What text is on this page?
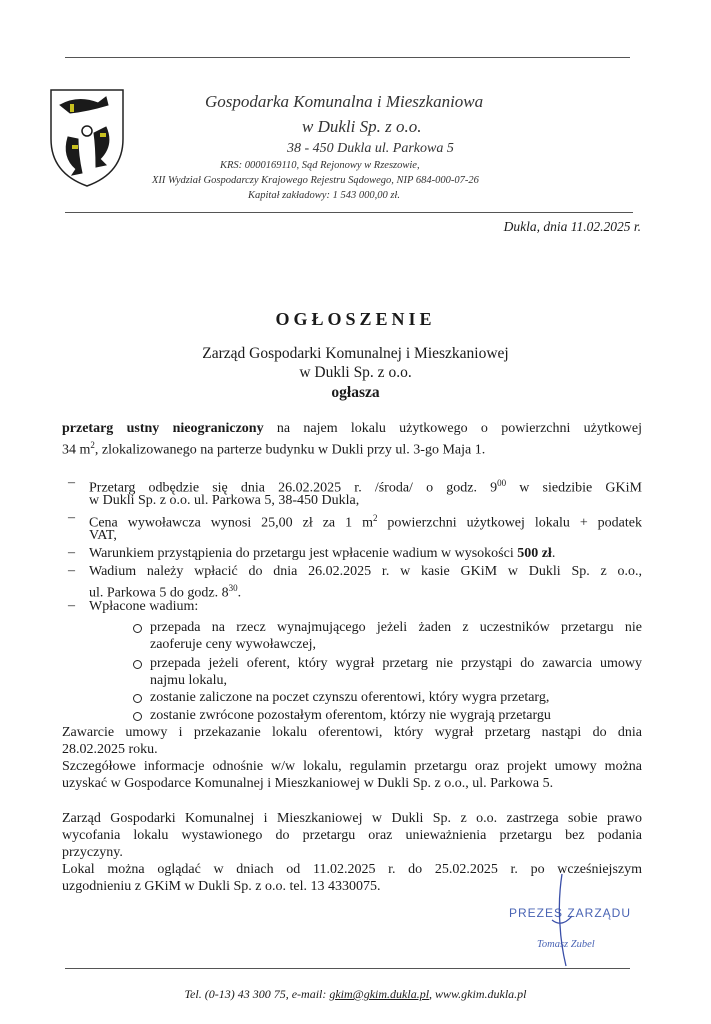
Gospodarka Komunalna i Mieszkaniowa
w Dukli Sp. z o.o.
38 - 450 Dukla ul. Parkowa 5
KRS: 0000169110, Sąd Rejonowy w Rzeszowie,
XII Wydział Gospodarczy Krajowego Rejestru Sądowego, NIP 684-000-07-26
Kapitał zakładowy: 1 543 000,00 zł.
Dukla, dnia 11.02.2025 r.
OGŁOSZENIE
Zarząd Gospodarki Komunalnej i Mieszkaniowej
w Dukli Sp. z o.o.
ogłasza
przetarg ustny nieograniczony na najem lokalu użytkowego o powierzchni użytkowej
34 $m^2$, zlokalizowanego na parterze budynku w Dukli przy ul. 3-go Maja 1.
– Przetarg odbędzie się dnia 26.02.2025 r. /środa/ o godz. $9^{00}$ w siedzibie GKiM
w Dukli Sp. z o.o. ul. Parkowa 5, 38-450 Dukla,
– Cena wywoławcza wynosi 25,00 zł za 1 $m^2$ powierzchni użytkowej lokalu + podatek
VAT,
– Warunkiem przystąpienia do przetargu jest wpłacenie wadium w wysokości 500 zł.
– Wadium należy wpłacić do dnia 26.02.2025 r. w kasie GKiM w Dukli Sp. z o.o.,
ul. Parkowa 5 do godz. $8^{30}$.
– Wpłacone wadium:
przepada na rzecz wynajmującego jeżeli żaden z uczestników przetargu nie
zaoferuje ceny wywoławczej,
przepada jeżeli oferent, który wygrał przetarg nie przystąpi do zawarcia umowy
najmu lokalu,
zostanie zaliczone na poczet czynszu oferentowi, który wygra przetarg,
zostanie zwrócone pozostałym oferentom, którzy nie wygrają przetargu
Zawarcie umowy i przekazanie lokalu oferentowi, który wygrał przetarg nastąpi do dnia
28.02.2025 roku.
Szczegółowe informacje odnośnie w/w lokalu, regulamin przetargu oraz projekt umowy można
uzyskać w Gospodarce Komunalnej i Mieszkaniowej w Dukli Sp. z o.o., ul. Parkowa 5.
Zarząd Gospodarki Komunalnej i Mieszkaniowej w Dukli Sp. z o.o. zastrzega sobie prawo
wycofania lokalu wystawionego do przetargu oraz unieważnienia przetargu bez podania
przyczyny.
Lokal można oglądać w dniach od 11.02.2025 r. do 25.02.2025 r. po wcześniejszym
uzgodnieniu z GKiM w Dukli Sp. z o.o. tel. 13 4330075.
PREZES ZARZĄDU
Tomasz Zubel
Tel. (0-13) 43 300 75, e-mail: gkim@gkim.dukla.pl, www.gkim.dukla.pl
